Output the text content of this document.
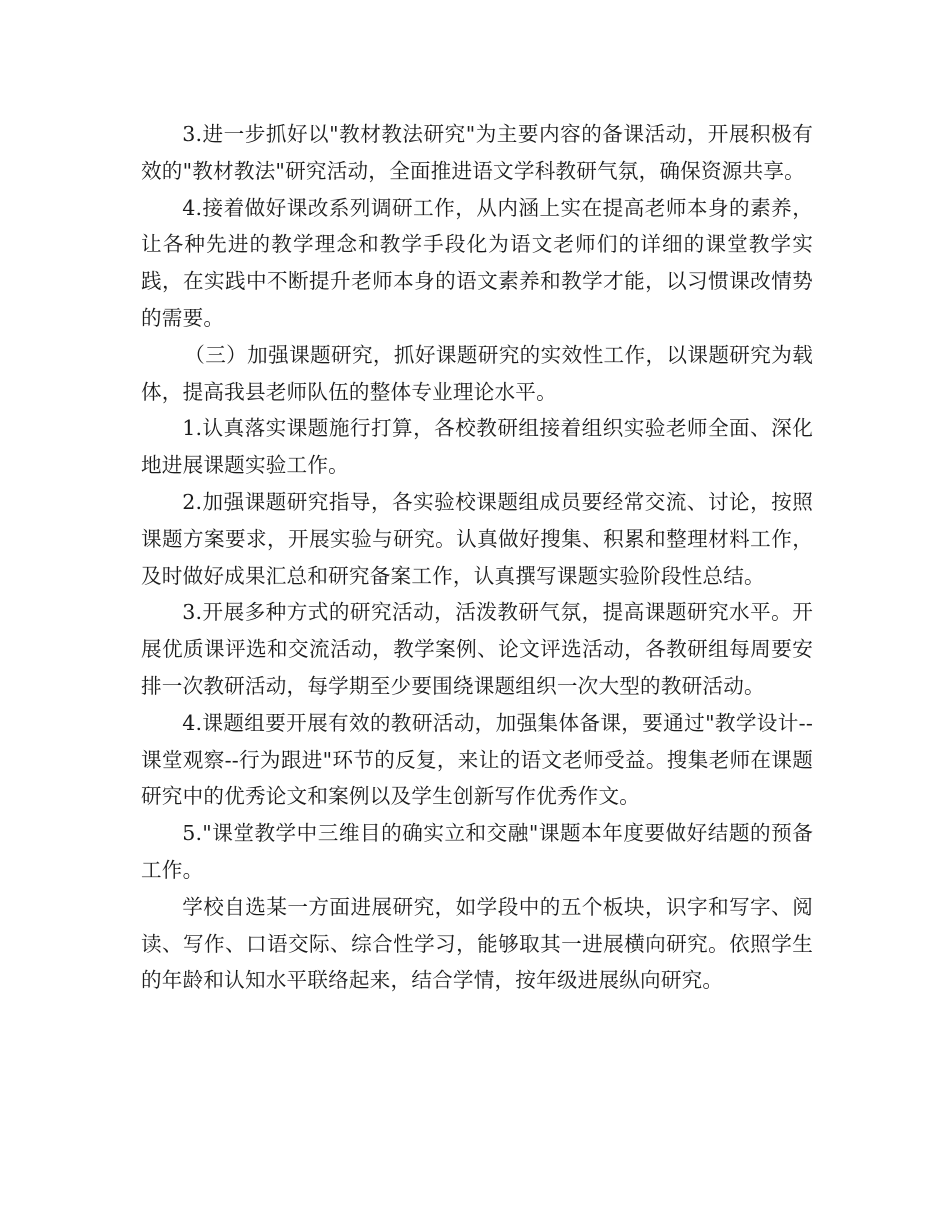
3.进一步抓好以"教材教法研究"为主要内容的备课活动，开展积极有效的"教材教法"研究活动，全面推进语文学科教研气氛，确保资源共享。

4.接着做好课改系列调研工作，从内涵上实在提高老师本身的素养，让各种先进的教学理念和教学手段化为语文老师们的详细的课堂教学实践，在实践中不断提升老师本身的语文素养和教学才能，以习惯课改情势的需要。

（三）加强课题研究，抓好课题研究的实效性工作，以课题研究为载体，提高我县老师队伍的整体专业理论水平。

1.认真落实课题施行打算，各校教研组接着组织实验老师全面、深化地进展课题实验工作。

2.加强课题研究指导，各实验校课题组成员要经常交流、讨论，按照课题方案要求，开展实验与研究。认真做好搜集、积累和整理材料工作，及时做好成果汇总和研究备案工作，认真撰写课题实验阶段性总结。

3.开展多种方式的研究活动，活泼教研气氛，提高课题研究水平。开展优质课评选和交流活动，教学案例、论文评选活动，各教研组每周要安排一次教研活动，每学期至少要围绕课题组织一次大型的教研活动。

4.课题组要开展有效的教研活动，加强集体备课，要通过"教学设计--课堂观察--行为跟进"环节的反复，来让的语文老师受益。搜集老师在课题研究中的优秀论文和案例以及学生创新写作优秀作文。

5."课堂教学中三维目的确实立和交融"课题本年度要做好结题的预备工作。

学校自选某一方面进展研究，如学段中的五个板块，识字和写字、阅读、写作、口语交际、综合性学习，能够取其一进展横向研究。依照学生的年龄和认知水平联络起来，结合学情，按年级进展纵向研究。
